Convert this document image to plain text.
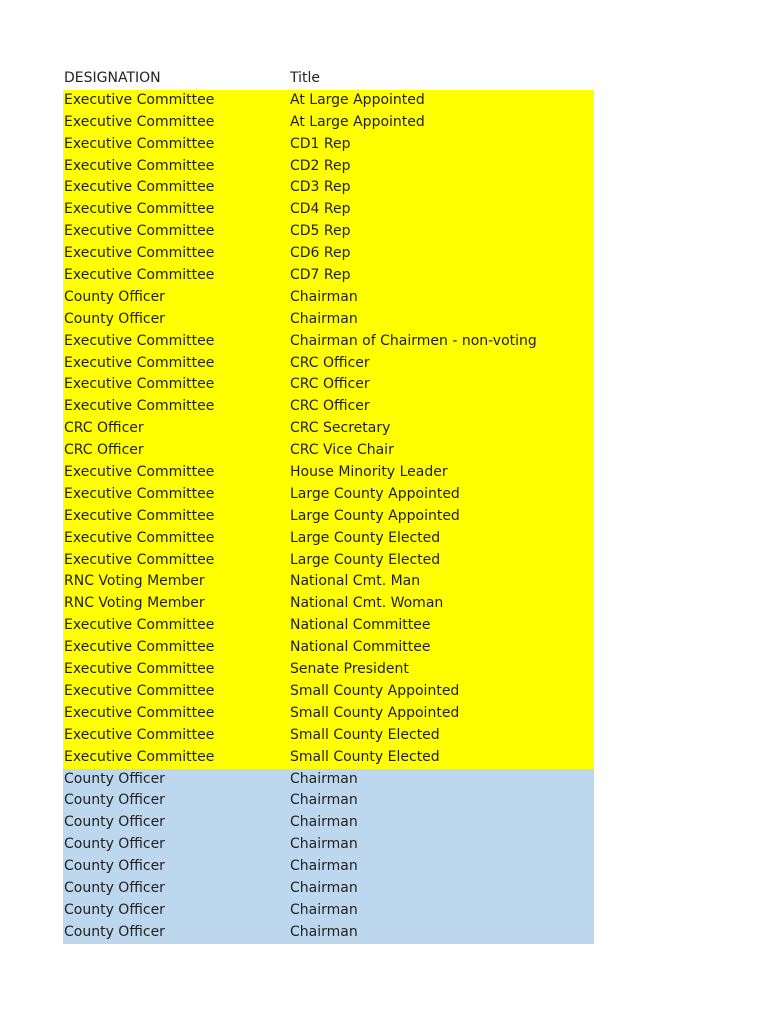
DESIGNATION	Title
Executive Committee	At Large Appointed
Executive Committee	At Large Appointed
Executive Committee	CD1 Rep
Executive Committee	CD2 Rep
Executive Committee	CD3 Rep
Executive Committee	CD4 Rep
Executive Committee	CD5 Rep
Executive Committee	CD6 Rep
Executive Committee	CD7 Rep
County Officer	Chairman
County Officer	Chairman
Executive Committee	Chairman of Chairmen - non-voting
Executive Committee	CRC Officer
Executive Committee	CRC Officer
Executive Committee	CRC Officer
CRC Officer	CRC Secretary
CRC Officer	CRC Vice Chair
Executive Committee	House Minority Leader
Executive Committee	Large County Appointed
Executive Committee	Large County Appointed
Executive Committee	Large County Elected
Executive Committee	Large County Elected
RNC Voting Member	National Cmt. Man
RNC Voting Member	National Cmt. Woman
Executive Committee	National Committee
Executive Committee	National Committee
Executive Committee	Senate President
Executive Committee	Small County Appointed
Executive Committee	Small County Appointed
Executive Committee	Small County Elected
Executive Committee	Small County Elected
County Officer	Chairman
County Officer	Chairman
County Officer	Chairman
County Officer	Chairman
County Officer	Chairman
County Officer	Chairman
County Officer	Chairman
County Officer	Chairman
